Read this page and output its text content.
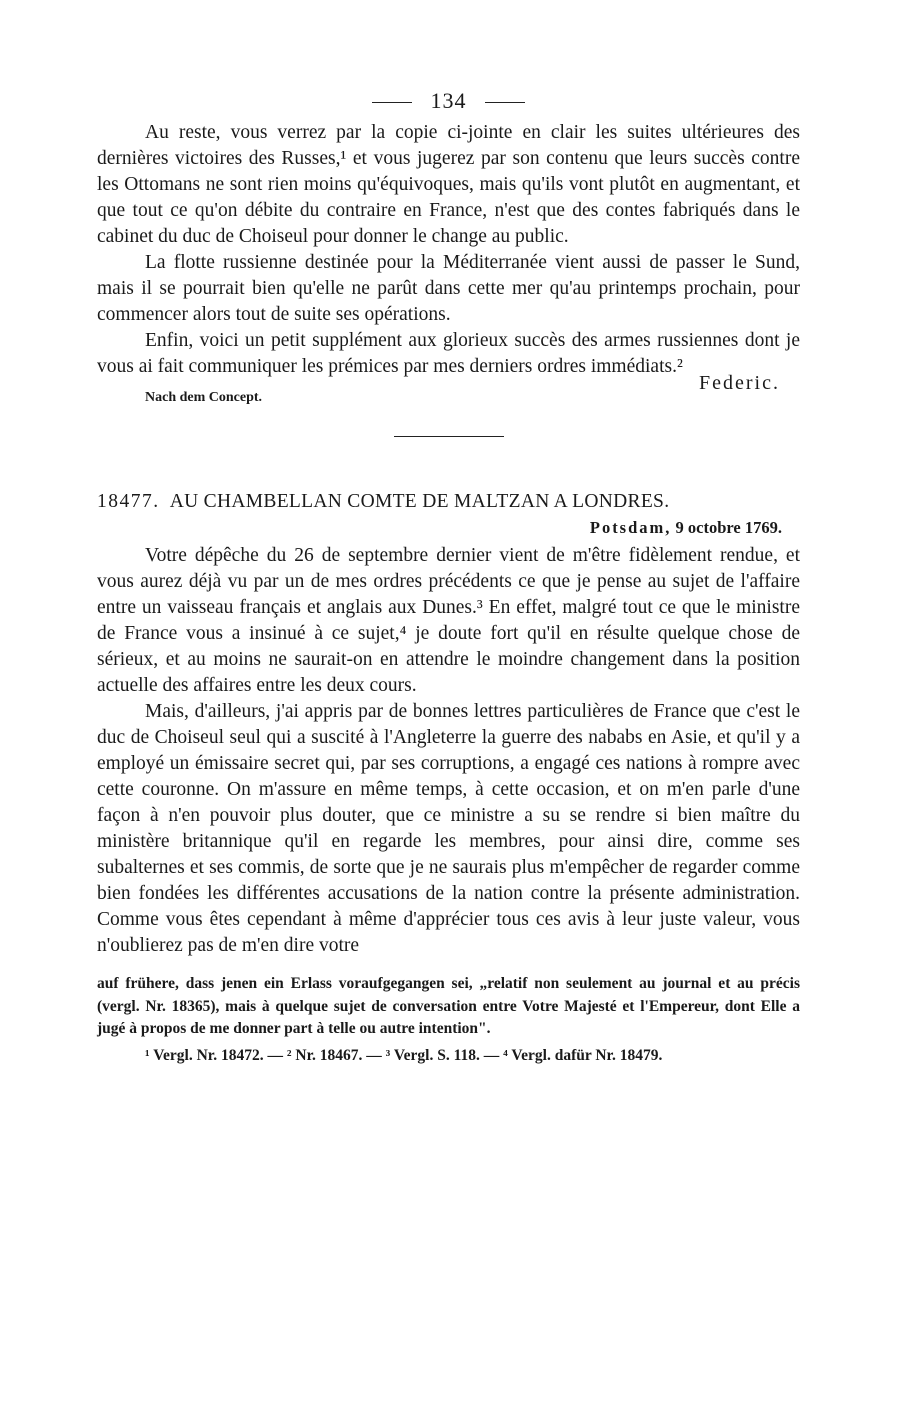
134

Au reste, vous verrez par la copie ci-jointe en clair les suites ultérieures des dernières victoires des Russes,¹ et vous jugerez par son contenu que leurs succès contre les Ottomans ne sont rien moins qu'équivoques, mais qu'ils vont plutôt en augmentant, et que tout ce qu'on débite du contraire en France, n'est que des contes fabriqués dans le cabinet du duc de Choiseul pour donner le change au public.

La flotte russienne destinée pour la Méditerranée vient aussi de passer le Sund, mais il se pourrait bien qu'elle ne parût dans cette mer qu'au printemps prochain, pour commencer alors tout de suite ses opérations.

Enfin, voici un petit supplément aux glorieux succès des armes russiennes dont je vous ai fait communiquer les prémices par mes derniers ordres immédiats.²

Nach dem Concept.
Federic.
18477. AU CHAMBELLAN COMTE DE MALTZAN A LONDRES.
Potsdam, 9 octobre 1769.

Votre dépêche du 26 de septembre dernier vient de m'être fidèlement rendue, et vous aurez déjà vu par un de mes ordres précédents ce que je pense au sujet de l'affaire entre un vaisseau français et anglais aux Dunes.³ En effet, malgré tout ce que le ministre de France vous a insinué à ce sujet,⁴ je doute fort qu'il en résulte quelque chose de sérieux, et au moins ne saurait-on en attendre le moindre changement dans la position actuelle des affaires entre les deux cours.

Mais, d'ailleurs, j'ai appris par de bonnes lettres particulières de France que c'est le duc de Choiseul seul qui a suscité à l'Angleterre la guerre des nababs en Asie, et qu'il y a employé un émissaire secret qui, par ses corruptions, a engagé ces nations à rompre avec cette couronne. On m'assure en même temps, à cette occasion, et on m'en parle d'une façon à n'en pouvoir plus douter, que ce ministre a su se rendre si bien maître du ministère britannique qu'il en regarde les membres, pour ainsi dire, comme ses subalternes et ses commis, de sorte que je ne saurais plus m'empêcher de regarder comme bien fondées les différentes accusations de la nation contre la présente administration. Comme vous êtes cependant à même d'apprécier tous ces avis à leur juste valeur, vous n'oublierez pas de m'en dire votre

auf frühere, dass jenen ein Erlass voraufgegangen sei, „relatif non seulement au journal et au précis (vergl. Nr. 18365), mais à quelque sujet de conversation entre Votre Majesté et l'Empereur, dont Elle a jugé à propos de me donner part à telle ou autre intention".

¹ Vergl. Nr. 18472. — ² Nr. 18467. — ³ Vergl. S. 118. — ⁴ Vergl. dafür Nr. 18479.
